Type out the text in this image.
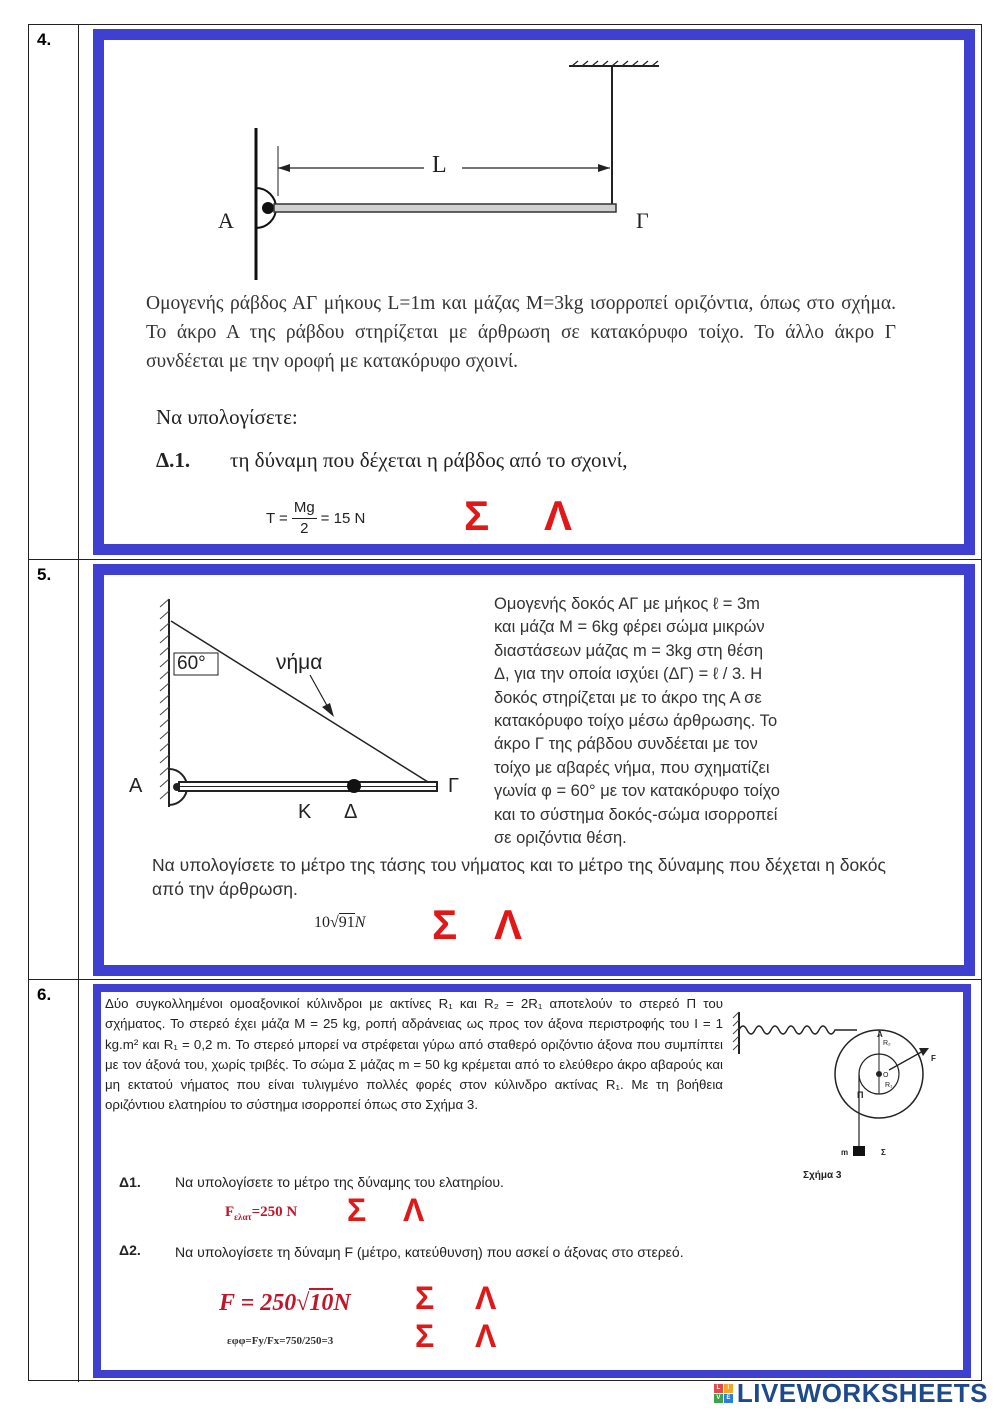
4.
L
A	Γ

Ομογενής ράβδος ΑΓ μήκους L=1m και μάζας M=3kg ισορροπεί οριζόντια, όπως στο σχήμα. Το άκρο Α της ράβδου στηρίζεται με άρθρωση σε κατακόρυφο τοίχο. Το άλλο άκρο Γ συνδέεται με την οροφή με κατακόρυφο σχοινί.

Να υπολογίσετε:
Δ.1. τη δύναμη που δέχεται η ράβδος από το σχοινί,
$T = \frac{Mg}{2} = 15$ N Σ Λ
5.
60°	νήμα
Α
Κ Δ
Γ
Ομογενής δοκός ΑΓ με μήκος ℓ = 3m
και μάζα Μ = 6kg φέρει σώμα μικρών
διαστάσεων μάζας m = 3kg στη θέση
Δ, για την οποία ισχύει (ΔΓ) = ℓ / 3. Η
δοκός στηρίζεται με το άκρο της Α σε
κατακόρυφο τοίχο μέσω άρθρωσης. Το
άκρο Γ της ράβδου συνδέεται με τον
τοίχο με αβαρές νήμα, που σχηματίζει
γωνία φ = 60° με τον κατακόρυφο τοίχο
και το σύστημα δοκός-σώμα ισορροπεί
σε οριζόντια θέση.

Να υπολογίσετε το μέτρο της τάσης του νήματος και το μέτρο της δύναμης που δέχεται η δοκός από την άρθρωση.

10 √ 91 N Σ Λ
6.	Δύο συγκολλημένοι ομοαξονικοί κύλινδροι με ακτίνες R₁ και R₂ = 2R₁ αποτελούν το στερεό Π του σχήματος. Το στερεό έχει μάζα Μ = 25 kg, ροπή αδράνειας ως προς τον άξονα περιστροφής του Ι = 1 kg.m² και R₁ = 0,2 m. Το στερεό μπορεί να στρέφεται γύρω από σταθερό οριζόντιο άξονα που συμπίπτει με τον άξονά του, χωρίς τριβές. Το σώμα Σ μάζας m = 50 kg κρέμεται από το ελεύθερο άκρο αβαρούς και μη εκτατού νήματος που είναι τυλιγμένο πολλές φορές στον κύλινδρο ακτίνας R₁. Με τη βοήθεια οριζόντιου ελατηρίου το σύστημα ισορροπεί όπως στο Σχήμα 3.

A
F
R₂
O
R₁
Π
m	Σ
Σχήμα 3
Δ1. Να υπολογίσετε το μέτρο της δύναμης του ελατηρίου.
$F_{\varepsilon\lambda\alpha\tau}=250$ N Σ Λ
Δ2. Να υπολογίσετε τη δύναμη F (μέτρο, κατεύθυνση) που ασκεί ο άξονας στο στερεό.

F = 250 √ 10 N Σ Λ
εφφ=Fy/Fx=750/250=3	Σ Λ
L	I
V E LIVEWORKSHEETS
